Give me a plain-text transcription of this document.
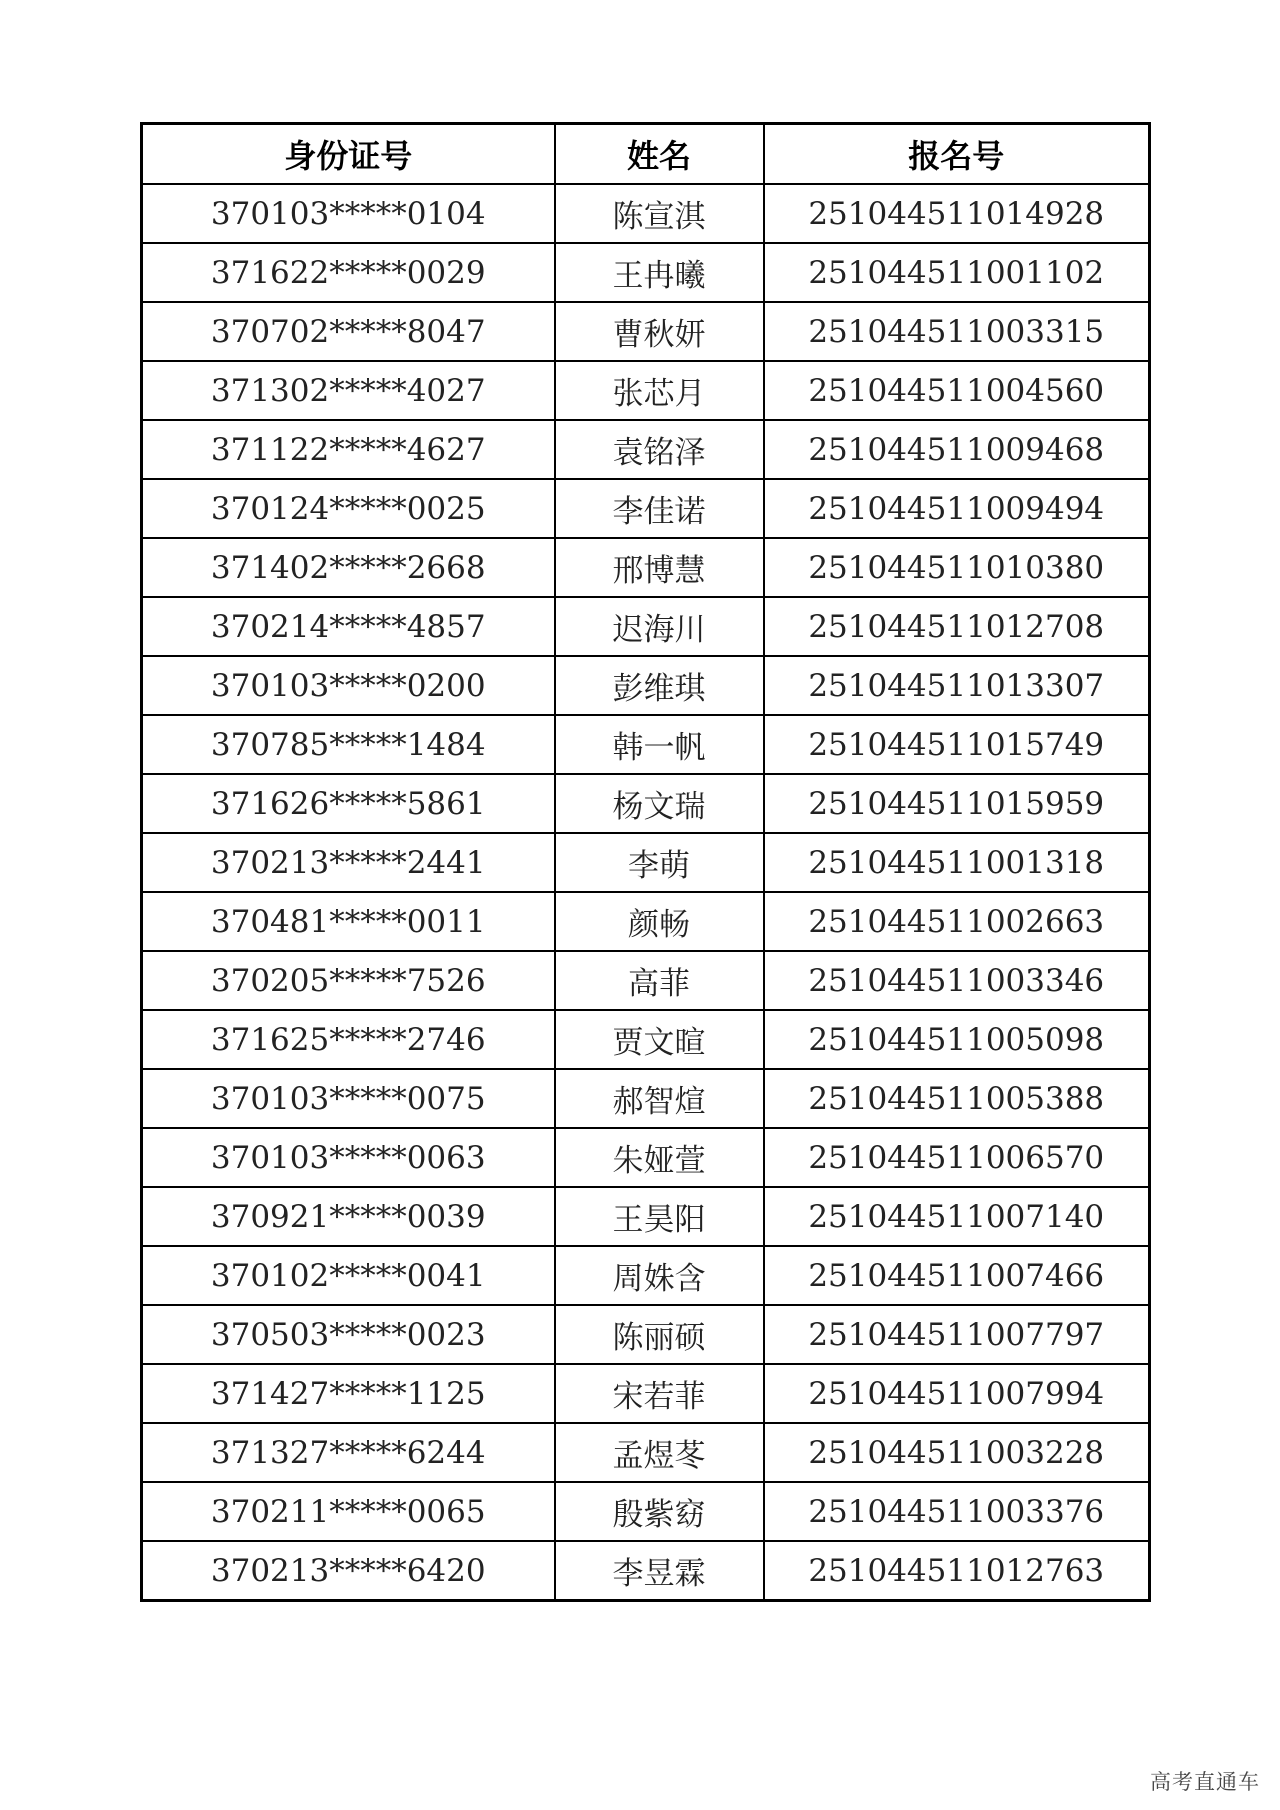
身份证号	姓名	报名号
370103*****0104	陈宣淇	251044511014928
371622*****0029	王冉曦	251044511001102
370702*****8047	曹秋妍	251044511003315
371302*****4027	张芯月	251044511004560
371122*****4627	袁铭泽	251044511009468
370124*****0025	李佳诺	251044511009494
371402*****2668	邢博慧	251044511010380
370214*****4857	迟海川	251044511012708
370103*****0200	彭维琪	251044511013307
370785*****1484	韩一帆	251044511015749
371626*****5861	杨文瑞	251044511015959
370213*****2441	李萌	251044511001318
370481*****0011	颜畅	251044511002663
370205*****7526	高菲	251044511003346
371625*****2746	贾文暄	251044511005098
370103*****0075	郝智煊	251044511005388
370103*****0063	朱娅萱	251044511006570
370921*****0039	王昊阳	251044511007140
370102*****0041	周姝含	251044511007466
370503*****0023	陈丽硕	251044511007797
371427*****1125	宋若菲	251044511007994
371327*****6244	孟煜苳	251044511003228
370211*****0065	殷紫窈	251044511003376
370213*****6420	李昱霖	251044511012763
高考直通车
